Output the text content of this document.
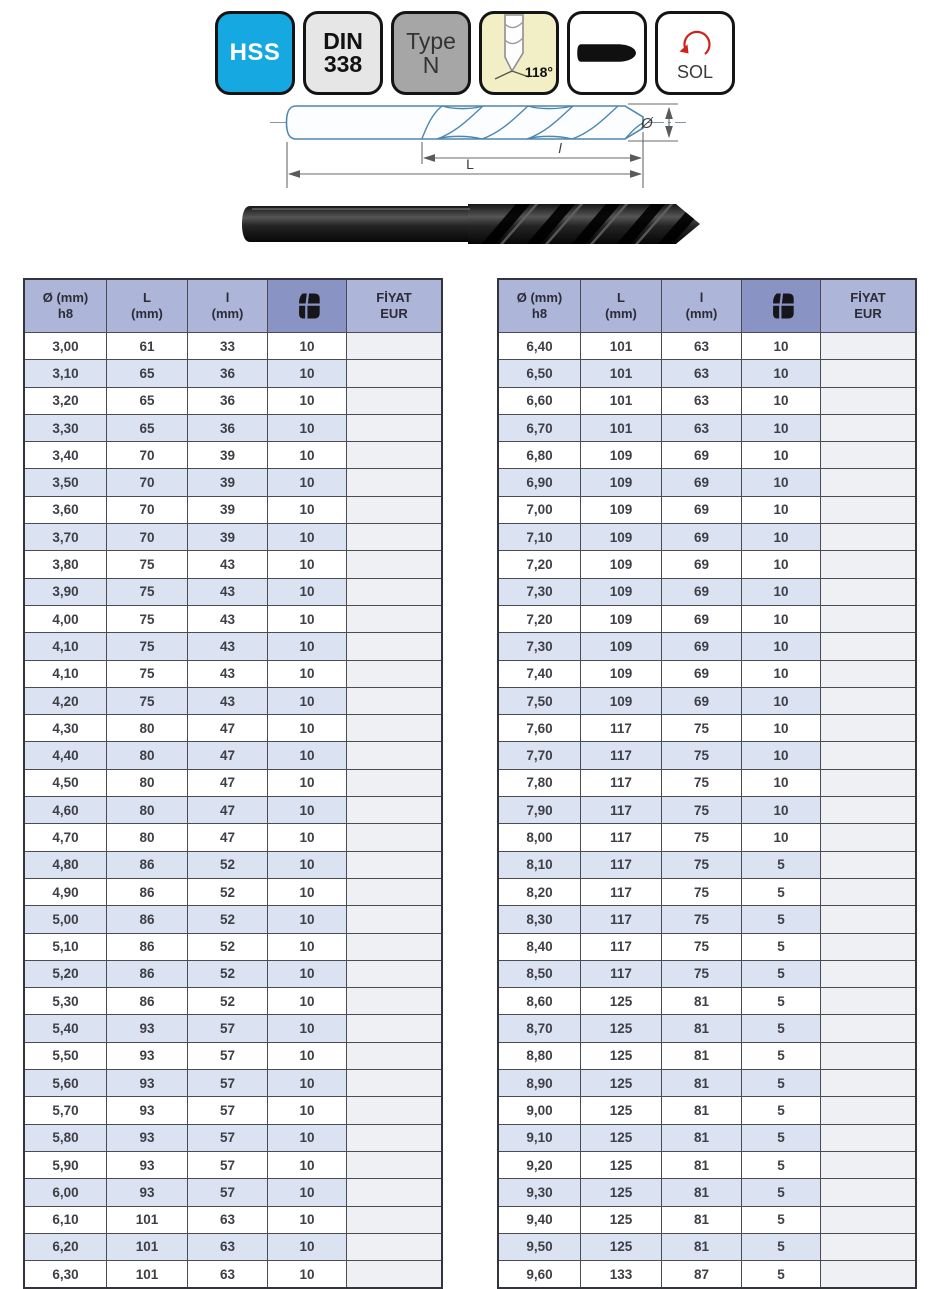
HSS DIN
338
Type
N	118°	SOL
Ø
l
L
Ø (mm)
h8
L
(mm)
l
(mm)
FİYAT
EUR
3,00	61	33	10
3,10	65	36	10
3,20	65	36	10
3,30	65	36	10
3,40	70	39	10
3,50	70	39	10
3,60	70	39	10
3,70	70	39	10
3,80	75	43	10
3,90	75	43	10
4,00	75	43	10
4,10	75	43	10
4,10	75	43	10
4,20	75	43	10
4,30	80	47	10
4,40	80	47	10
4,50	80	47	10
4,60	80	47	10
4,70	80	47	10
4,80	86	52	10
4,90	86	52	10
5,00	86	52	10
5,10	86	52	10
5,20	86	52	10
5,30	86	52	10
5,40	93	57	10
5,50	93	57	10
5,60	93	57	10
5,70	93	57	10
5,80	93	57	10
5,90	93	57	10
6,00	93	57	10
6,10	101	63	10
6,20	101	63	10
6,30	101	63	10
Ø (mm)
h8
L
(mm)
l
(mm)
FİYAT
EUR
6,40	101	63	10
6,50	101	63	10
6,60	101	63	10
6,70	101	63	10
6,80	109	69	10
6,90	109	69	10
7,00	109	69	10
7,10	109	69	10
7,20	109	69	10
7,30	109	69	10
7,20	109	69	10
7,30	109	69	10
7,40	109	69	10
7,50	109	69	10
7,60	117	75	10
7,70	117	75	10
7,80	117	75	10
7,90	117	75	10
8,00	117	75	10
8,10	117	75	5
8,20	117	75	5
8,30	117	75	5
8,40	117	75	5
8,50	117	75	5
8,60	125	81	5
8,70	125	81	5
8,80	125	81	5
8,90	125	81	5
9,00	125	81	5
9,10	125	81	5
9,20	125	81	5
9,30	125	81	5
9,40	125	81	5
9,50	125	81	5
9,60	133	87	5
